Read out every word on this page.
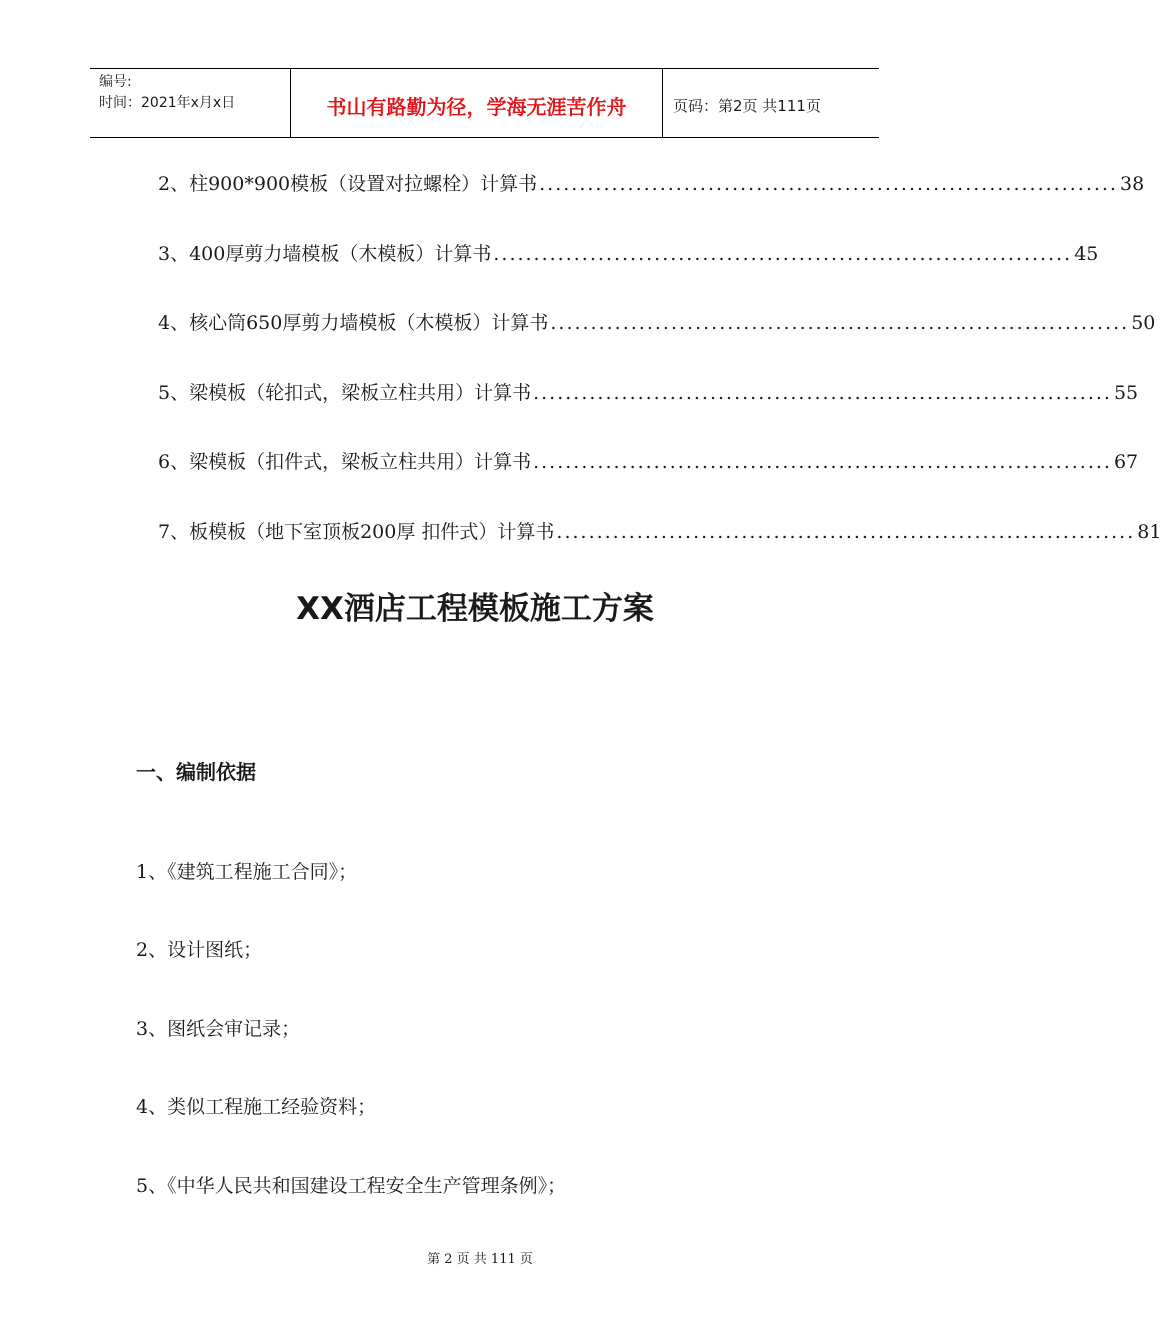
编号:
时间：2021年x月x日	书山有路勤为径，学海无涯苦作舟	页码：第2页 共111页
2、柱900*900模板（设置对拉螺栓）计算书 ........................................................................ 38
3、400厚剪力墙模板（木模板）计算书 ........................................................................ 45
4、核心筒650厚剪力墙模板（木模板）计算书 ........................................................................ 50
5、梁模板（轮扣式，梁板立柱共用）计算书 ........................................................................ 55
6、梁模板（扣件式，梁板立柱共用）计算书 ........................................................................ 67
7、板模板（地下室顶板200厚 扣件式）计算书 ........................................................................ 81
XX酒店工程模板施工方案
一、编制依据
1、《建筑工程施工合同》；
2、设计图纸；
3、图纸会审记录；
4、类似工程施工经验资料；
5、《中华人民共和国建设工程安全生产管理条例》；
第 2 页 共 111 页
